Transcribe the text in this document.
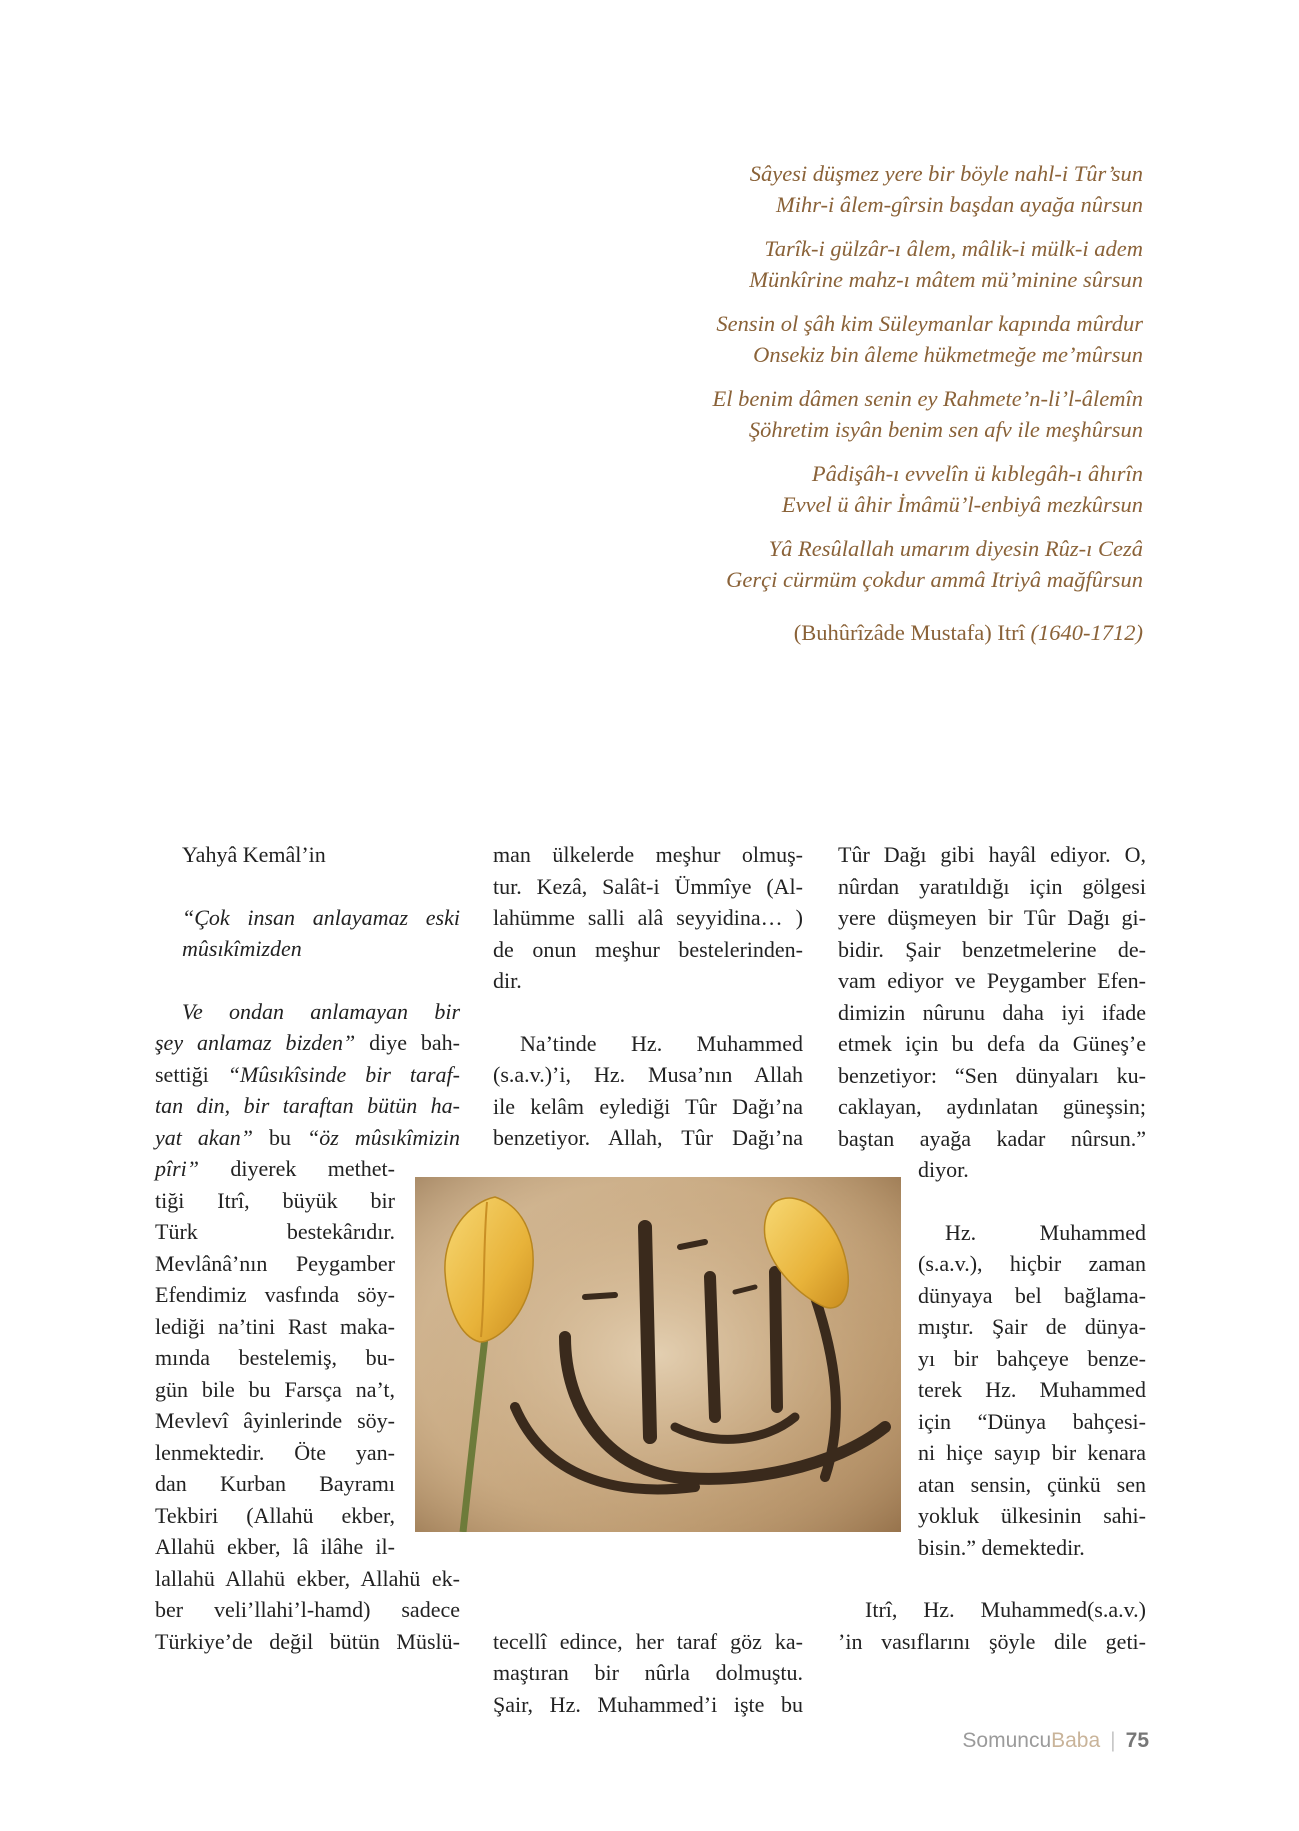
Sâyesi düşmez yere bir böyle nahl-i Tûr’sun
Mihr-i âlem-gîrsin başdan ayağa nûrsun
Tarîk-i gülzâr-ı âlem, mâlik-i mülk-i adem
Münkîrine mahz-ı mâtem mü’minine sûrsun
Sensin ol şâh kim Süleymanlar kapında mûrdur
Onsekiz bin âleme hükmetmeğe me’mûrsun
El benim dâmen senin ey Rahmete’n-li’l-âlemîn
Şöhretim isyân benim sen afv ile meşhûrsun
Pâdişâh-ı evvelîn ü kıblegâh-ı âhırîn
Evvel ü âhir İmâmü’l-enbiyâ mezkûrsun
Yâ Resûlallah umarım diyesin Rûz-ı Cezâ
Gerçi cürmüm çokdur ammâ Itriyâ mağfûrsun
(Buhûrîzâde Mustafa) Itrî (1640-1712)

Yahyâ Kemâl’in

“Çok insan anlayamaz eski mûsıkîmizden

Ve ondan anlamayan bir

şey anlamaz bizden” diye bah-

settiği “Mûsıkîsinde bir taraf-

tan din, bir taraftan bütün ha-

yat akan” bu “öz mûsıkîmizin

pîri” diyerek methet-

tiği Itrî, büyük bir

Türk bestekârıdır.

Mevlânâ’nın Peygamber

Efendimiz vasfında söy-

lediği na’tini Rast maka-

mında bestelemiş, bu-

gün bile bu Farsça na’t,

Mevlevî âyinlerinde söy-

lenmektedir. Öte yan-

dan Kurban Bayramı

Tekbiri (Allahü ekber,

Allahü ekber, lâ ilâhe il-

lallahü Allahü ekber, Allahü ek-

ber veli’llahi’l-hamd) sadece

Türkiye’de değil bütün Müslü-

man ülkelerde meşhur olmuş-

tur. Kezâ, Salât-i Ümmîye (Al-

lahümme salli alâ seyyidina… )

de onun meşhur bestelerinden-

dir.

Na’tinde Hz. Muhammed

(s.a.v.)’i, Hz. Musa’nın Allah

ile kelâm eylediği Tûr Dağı’na

benzetiyor. Allah, Tûr Dağı’na

tecellî edince, her taraf göz ka-

maştıran bir nûrla dolmuştu.

Şair, Hz. Muhammed’i işte bu

Tûr Dağı gibi hayâl ediyor. O,

nûrdan yaratıldığı için gölgesi

yere düşmeyen bir Tûr Dağı gi-

bidir. Şair benzetmelerine de-

vam ediyor ve Peygamber Efen-

dimizin nûrunu daha iyi ifade

etmek için bu defa da Güneş’e

benzetiyor: “Sen dünyaları ku-

caklayan, aydınlatan güneşsin;

baştan ayağa kadar nûrsun.”

diyor.

Hz. Muhammed

(s.a.v.), hiçbir zaman

dünyaya bel bağlama-

mıştır. Şair de dünya-

yı bir bahçeye benze-

terek Hz. Muhammed

için “Dünya bahçesi-

ni hiçe sayıp bir kenara

atan sensin, çünkü sen

yokluk ülkesinin sahi-

bisin.” demektedir.

Itrî, Hz. Muhammed(s.a.v.)

’in vasıflarını şöyle dile geti-

SomuncuBaba | 75
